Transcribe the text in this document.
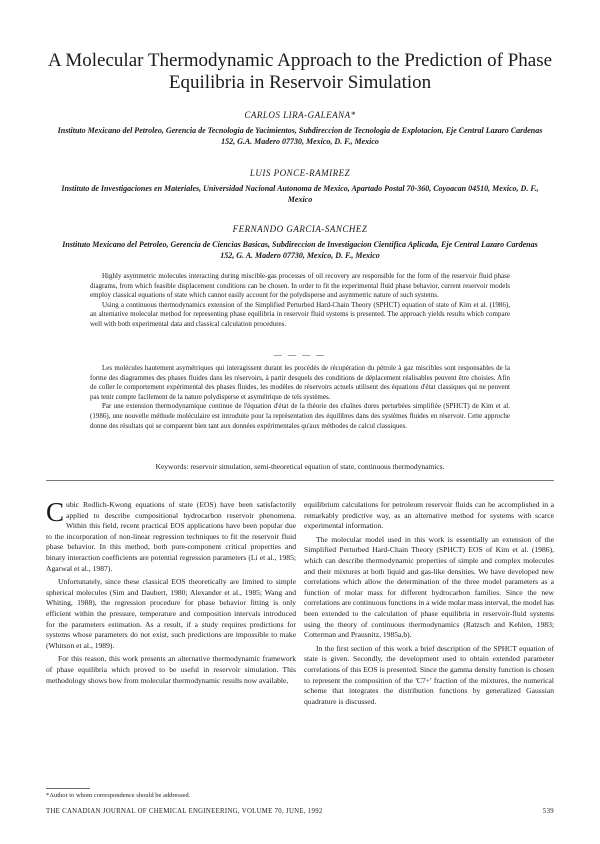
A Molecular Thermodynamic Approach to the Prediction of Phase Equilibria in Reservoir Simulation

CARLOS LIRA-GALEANA*

Instituto Mexicano del Petroleo, Gerencia de Tecnologia de Yacimientos, Subdireccion de Tecnologia de Explotacion, Eje Central Lazaro Cardenas 152, G.A. Madero 07730, Mexico, D. F., Mexico

LUIS PONCE-RAMIREZ

Instituto de Investigaciones en Materiales, Universidad Nacional Autonoma de Mexico, Apartado Postal 70-360, Coyoacan 04510, Mexico, D. F., Mexico

FERNANDO GARCIA-SANCHEZ

Instituto Mexicano del Petroleo, Gerencia de Ciencias Basicas, Subdireccion de Investigacion Cientifica Aplicada, Eje Central Lazaro Cardenas 152, G. A. Madero 07730, Mexico, D. F., Mexico

Highly asymmetric molecules interacting during miscible-gas processes of oil recovery are responsible for the form of the reservoir fluid phase diagrams, from which feasible displacement conditions can be chosen. In order to fit the experimental fluid phase behavior, current reservoir models employ classical equations of state which cannot easily account for the polydisperse and asymmetric nature of such systems.

Using a continuous thermodynamics extension of the Simplified Perturbed Hard-Chain Theory (SPHCT) equation of state of Kim et al. (1986), an alternative molecular method for representing phase equilibria in reservoir fluid systems is presented. The approach yields results which compare well with both experimental data and classical calculation procedures.

— — — —

Les molécules hautement asymétriques qui interagissent durant les procédés de récupération du pétrole à gaz miscibles sont responsables de la forme des diagrammes des phases fluides dans les réservoirs, à partir desquels des conditions de déplacement réalisables peuvent être choisies. Afin de coller le comportement expérimental des phases fluides, les modèles de réservoirs actuels utilisent des équations d'état classiques qui ne peuvent pas tenir compte facilement de la nature polydisperse et asymétrique de tels systèmes.

Par une extension thermodynamique continue de l'équation d'état de la théorie des chaînes dures perturbées simplifiée (SPHCT) de Kim et al. (1986), une nouvelle méthode moléculaire est introduite pour la représentation des équilibres dans des systèmes fluides en réservoir. Cette approche donne des résultats qui se comparent bien tant aux données expérimentales qu'aux méthodes de calcul classiques.

Keywords: reservoir simulation, semi-theoretical equation of state, continuous thermodynamics.

Cubic Redlich-Kwong equations of state (EOS) have been satisfactorily applied to describe compositional hydrocarbon reservoir phenomena. Within this field, recent practical EOS applications have been popular due to the incorporation of non-linear regression techniques to fit the reservoir fluid phase behavior. In this method, both pure-component critical properties and binary interaction coefficients are potential regression parameters (Li et al., 1985; Agarwal et al., 1987).

Unfortunately, since these classical EOS theoretically are limited to simple spherical molecules (Sim and Daubert, 1980; Alexander et al., 1985; Wang and Whiting, 1988), the regression procedure for phase behavior fitting is only efficient within the pressure, temperature and composition intervals introduced for the parameters estimation. As a result, if a study requires predictions for systems whose parameters do not exist, such predictions are impossible to make (Whitson et al., 1989).

For this reason, this work presents an alternative thermodynamic framework of phase equilibria which proved to be useful in reservoir simulation. This methodology shows how from molecular thermodynamic results now available,

equilibrium calculations for petroleum reservoir fluids can be accomplished in a remarkably predictive way, as an alternative method for systems with scarce experimental information.

The molecular model used in this work is essentially an extension of the Simplified Perturbed Hard-Chain Theory (SPHCT) EOS of Kim et al. (1986), which can describe thermodynamic properties of simple and complex molecules and their mixtures at both liquid and gas-like densities. We have developed new correlations which allow the determination of the three model parameters as a function of molar mass for different hydrocarbon families. Since the new correlations are continuous functions in a wide molar mass interval, the model has been extended to the calculation of phase equilibria in reservoir-fluid systems using the theory of continuous thermodynamics (Ratzsch and Kehlen, 1983; Cotterman and Prausnitz, 1985a,b).

In the first section of this work a brief description of the SPHCT equation of state is given. Secondly, the development used to obtain extended parameter correlations of this EOS is presented. Since the gamma density function is chosen to represent the composition of the 'C7+' fraction of the mixtures, the numerical scheme that integrates the distribution functions by generalized Gaussian quadrature is discussed.

*Author to whom correspondence should be addressed.
THE CANADIAN JOURNAL OF CHEMICAL ENGINEERING, VOLUME 70, JUNE, 1992	539
